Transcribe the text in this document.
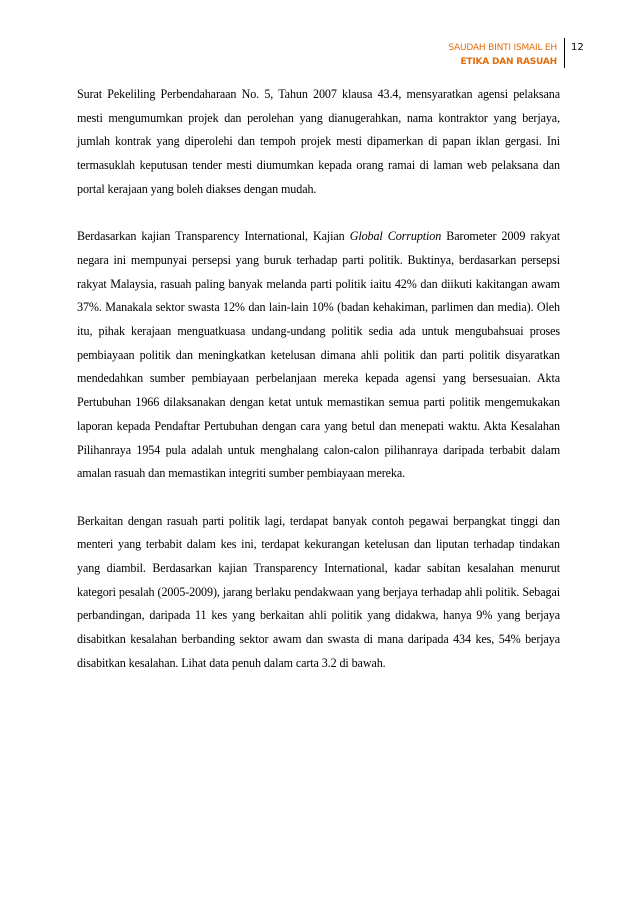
SAUDAH BINTI ISMAIL EH
ETIKA DAN RASUAH
12

Surat Pekeliling Perbendaharaan No. 5, Tahun 2007 klausa 43.4, mensyaratkan agensi pelaksana mesti mengumumkan projek dan perolehan yang dianugerahkan, nama kontraktor yang berjaya, jumlah kontrak yang diperolehi dan tempoh projek mesti dipamerkan di papan iklan gergasi. Ini termasuklah keputusan tender mesti diumumkan kepada orang ramai di laman web pelaksana dan portal kerajaan yang boleh diakses dengan mudah.

Berdasarkan kajian Transparency International, Kajian Global Corruption Barometer 2009 rakyat negara ini mempunyai persepsi yang buruk terhadap parti politik. Buktinya, berdasarkan persepsi rakyat Malaysia, rasuah paling banyak melanda parti politik iaitu 42% dan diikuti kakitangan awam 37%. Manakala sektor swasta 12% dan lain-lain 10% (badan kehakiman, parlimen dan media). Oleh itu, pihak kerajaan menguatkuasa undang-undang politik sedia ada untuk mengubahsuai proses pembiayaan politik dan meningkatkan ketelusan dimana ahli politik dan parti politik disyaratkan mendedahkan sumber pembiayaan perbelanjaan mereka kepada agensi yang bersesuaian. Akta Pertubuhan 1966 dilaksanakan dengan ketat untuk memastikan semua parti politik mengemukakan laporan kepada Pendaftar Pertubuhan dengan cara yang betul dan menepati waktu. Akta Kesalahan Pilihanraya 1954 pula adalah untuk menghalang calon-calon pilihanraya daripada terbabit dalam amalan rasuah dan memastikan integriti sumber pembiayaan mereka.

Berkaitan dengan rasuah parti politik lagi, terdapat banyak contoh pegawai berpangkat tinggi dan menteri yang terbabit dalam kes ini, terdapat kekurangan ketelusan dan liputan terhadap tindakan yang diambil. Berdasarkan kajian Transparency International, kadar sabitan kesalahan menurut kategori pesalah (2005-2009), jarang berlaku pendakwaan yang berjaya terhadap ahli politik. Sebagai perbandingan, daripada 11 kes yang berkaitan ahli politik yang didakwa, hanya 9% yang berjaya disabitkan kesalahan berbanding sektor awam dan swasta di mana daripada 434 kes, 54% berjaya disabitkan kesalahan. Lihat data penuh dalam carta 3.2 di bawah.
